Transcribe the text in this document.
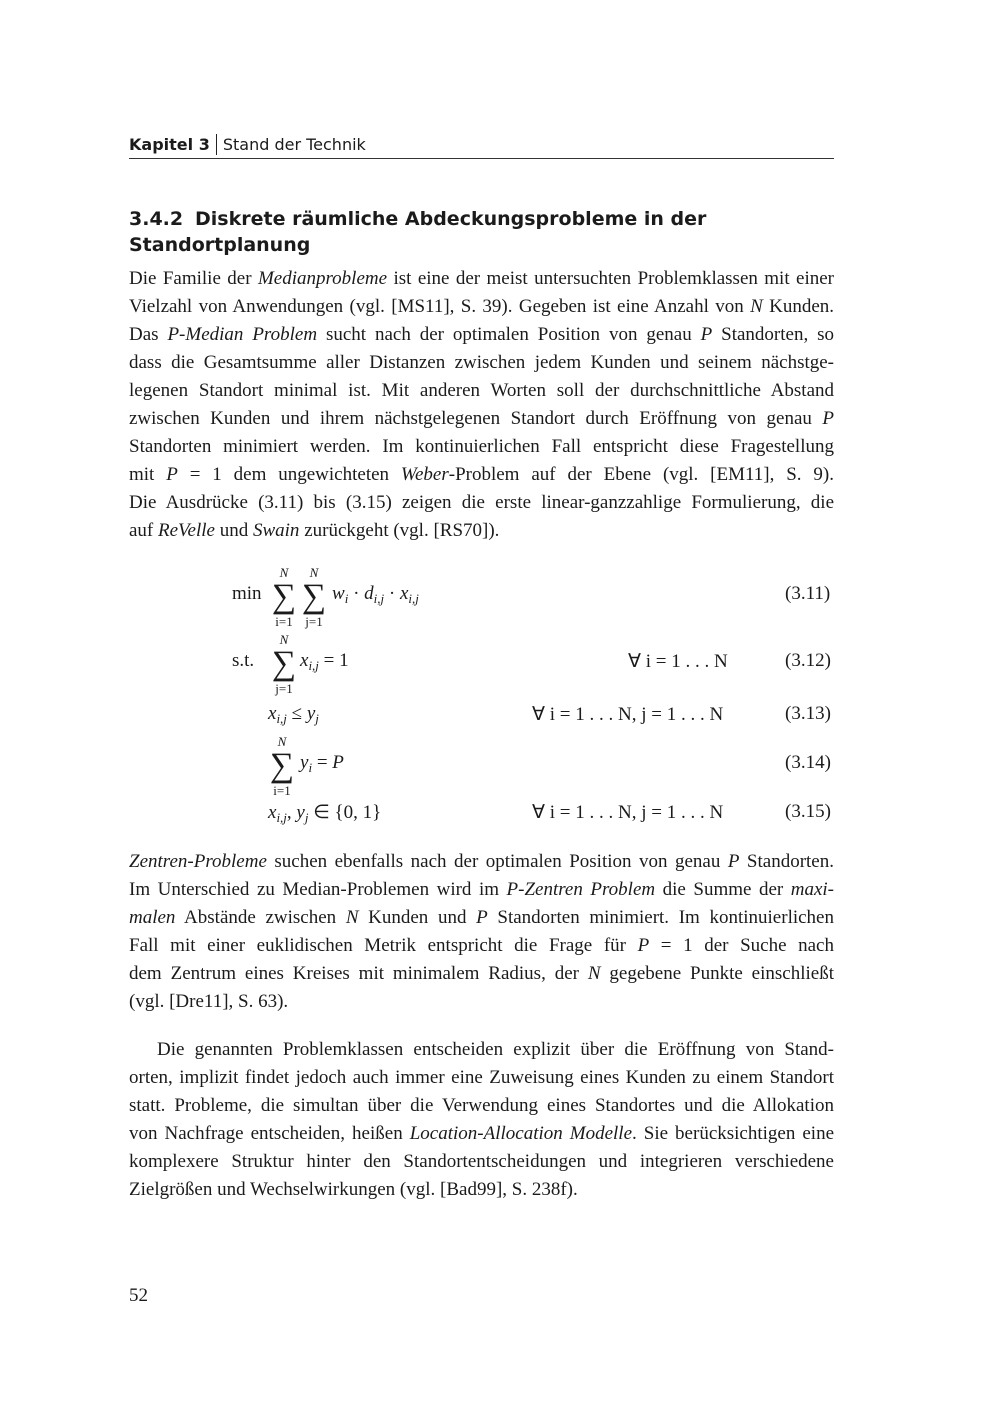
Kapitel 3 Stand der Technik
3.4.2 Diskrete räumliche Abdeckungsprobleme in der Standortplanung
Die Familie der Medianprobleme ist eine der meist untersuchten Problemklassen mit einer
Vielzahl von Anwendungen (vgl. [MS11], S. 39). Gegeben ist eine Anzahl von N Kunden.
Das P-Median Problem sucht nach der optimalen Position von genau P Standorten, so
dass die Gesamtsumme aller Distanzen zwischen jedem Kunden und seinem nächstge-
legenen Standort minimal ist. Mit anderen Worten soll der durchschnittliche Abstand
zwischen Kunden und ihrem nächstgelegenen Standort durch Eröffnung von genau P
Standorten minimiert werden. Im kontinuierlichen Fall entspricht diese Fragestellung
mit P = 1 dem ungewichteten Weber-Problem auf der Ebene (vgl. [EM11], S. 9).
Die Ausdrücke (3.11) bis (3.15) zeigen die erste linear-ganzzahlige Formulierung, die
auf ReVelle und Swain zurückgeht (vgl. [RS70]).
min
N
∑
i=1
N
∑
j=1
$w_i \cdot d_{i,j} \cdot x_{i,j}$	(3.11)
s.t.
N
∑
j=1
$x_{i,j} = 1$	∀ i = 1 . . . N	(3.12)
$x_{i,j} \le y_j$	∀ i = 1 . . . N, j = 1 . . . N	(3.13)
N
∑
i=1
$y_i = P$	(3.14)
$x_{i,j}$, $y_j$ ∈ {0, 1}	∀ i = 1 . . . N, j = 1 . . . N	(3.15)
Zentren-Probleme suchen ebenfalls nach der optimalen Position von genau P Standorten.
Im Unterschied zu Median-Problemen wird im P-Zentren Problem die Summe der maxi-
malen Abstände zwischen N Kunden und P Standorten minimiert. Im kontinuierlichen
Fall mit einer euklidischen Metrik entspricht die Frage für P = 1 der Suche nach
dem Zentrum eines Kreises mit minimalem Radius, der N gegebene Punkte einschließt
(vgl. [Dre11], S. 63).
Die genannten Problemklassen entscheiden explizit über die Eröffnung von Stand-
orten, implizit findet jedoch auch immer eine Zuweisung eines Kunden zu einem Standort
statt. Probleme, die simultan über die Verwendung eines Standortes und die Allokation
von Nachfrage entscheiden, heißen Location-Allocation Modelle. Sie berücksichtigen eine
komplexere Struktur hinter den Standortentscheidungen und integrieren verschiedene
Zielgrößen und Wechselwirkungen (vgl. [Bad99], S. 238f).
52
